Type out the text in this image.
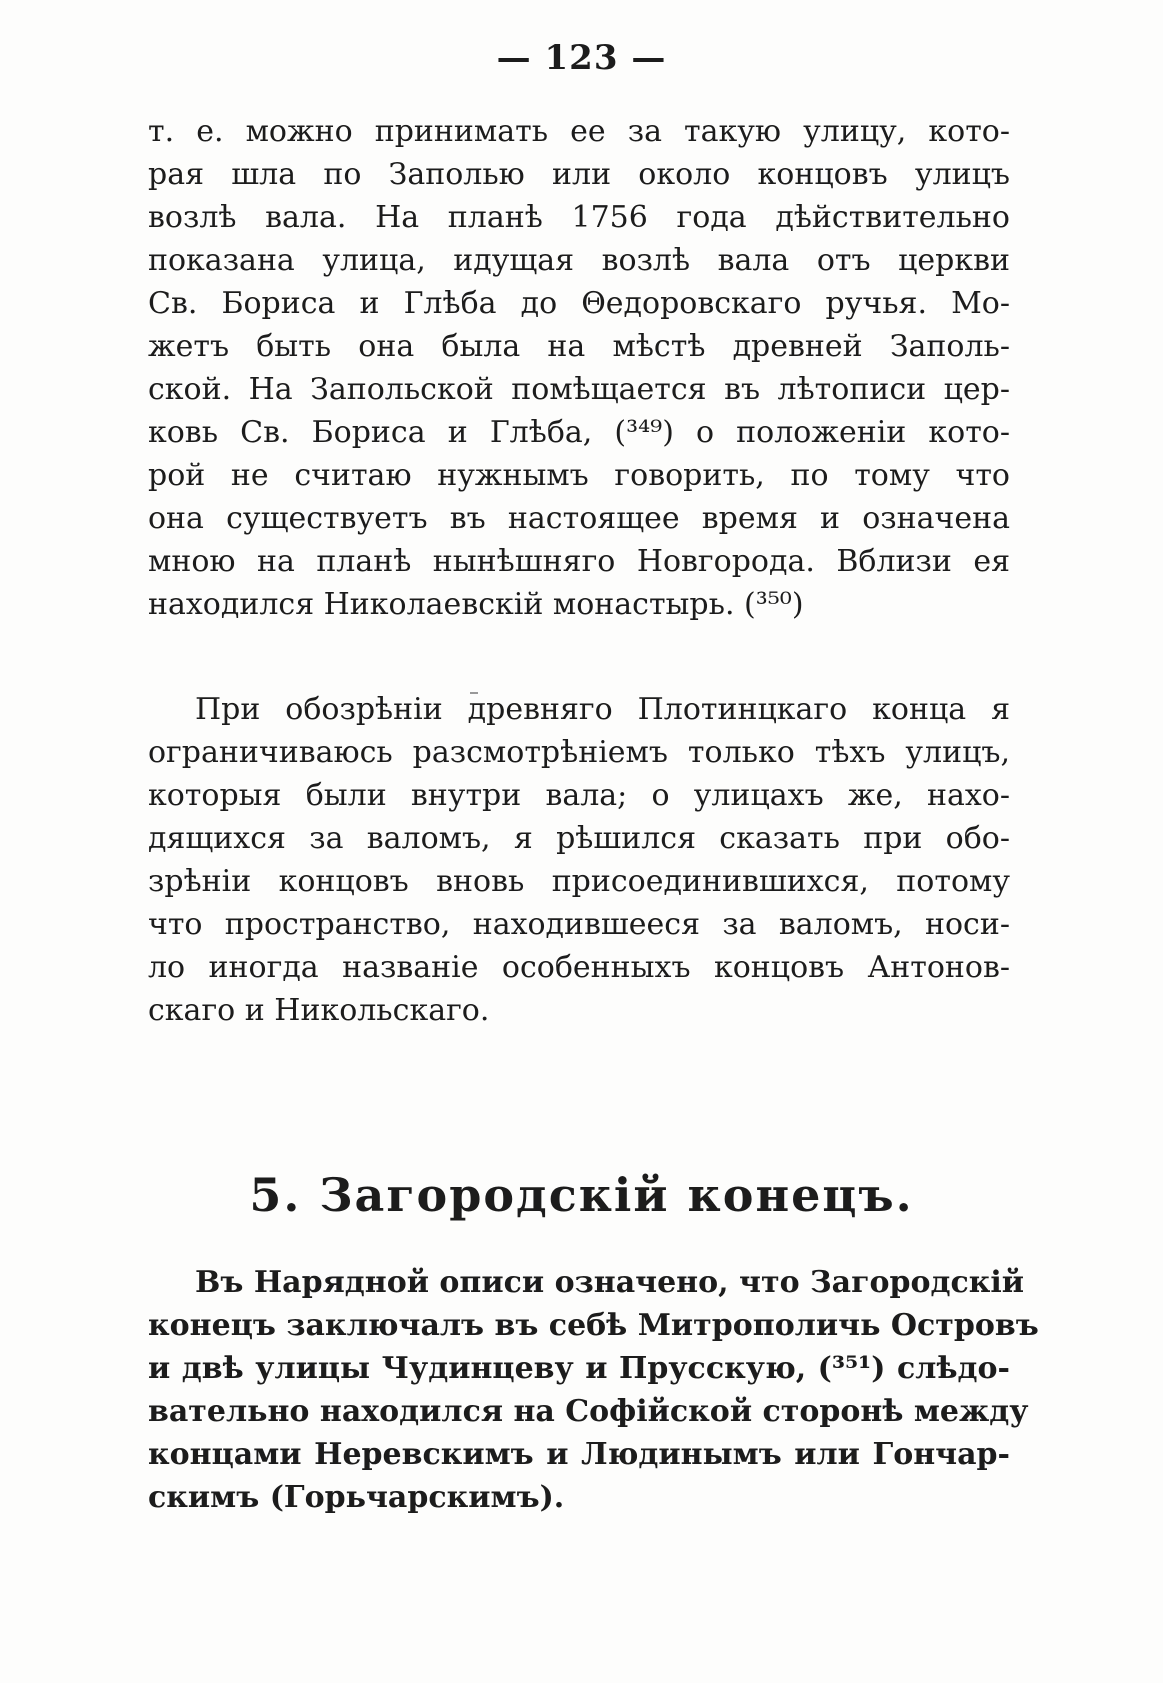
— 123 —
т. е. можно принимать ее за такую улицу, кото-
рая шла по Заполью или около концовъ улицъ
возлѣ вала. На планѣ 1756 года дѣйствительно
показана улица, идущая возлѣ вала отъ церкви
Св. Бориса и Глѣба до Θедоровскаго ручья. Мо-
жетъ быть она была на мѣстѣ древней Заполь-
ской. На Запольской помѣщается въ лѣтописи цер-
ковь Св. Бориса и Глѣба, (³⁴⁹) о положеніи кото-
рой не считаю нужнымъ говорить, по тому что
она существуетъ въ настоящее время и означена
мною на планѣ нынѣшняго Новгорода. Вблизи ея
находился Николаевскій монастырь. (³⁵⁰)
При обозрѣніи древняго Плотинцкаго конца я
ограничиваюсь разсмотрѣніемъ только тѣхъ улицъ,
которыя были внутри вала; о улицахъ же, нахо-
дящихся за валомъ, я рѣшился сказать при обо-
зрѣніи концовъ вновь присоединившихся, потому
что пространство, находившееся за валомъ, носи-
ло иногда названіе особенныхъ концовъ Антонов-
скаго и Никольскаго.
5. Загородскій конецъ.
Въ Нарядной описи означено, что Загородскій
конецъ заключалъ въ себѣ Митрополичь Островъ
и двѣ улицы Чудинцеву и Прусскую, (³⁵¹) слѣдо-
вательно находился на Софійской сторонѣ между
концами Неревскимъ и Людинымъ или Гончар-
скимъ (Горьчарскимъ).
